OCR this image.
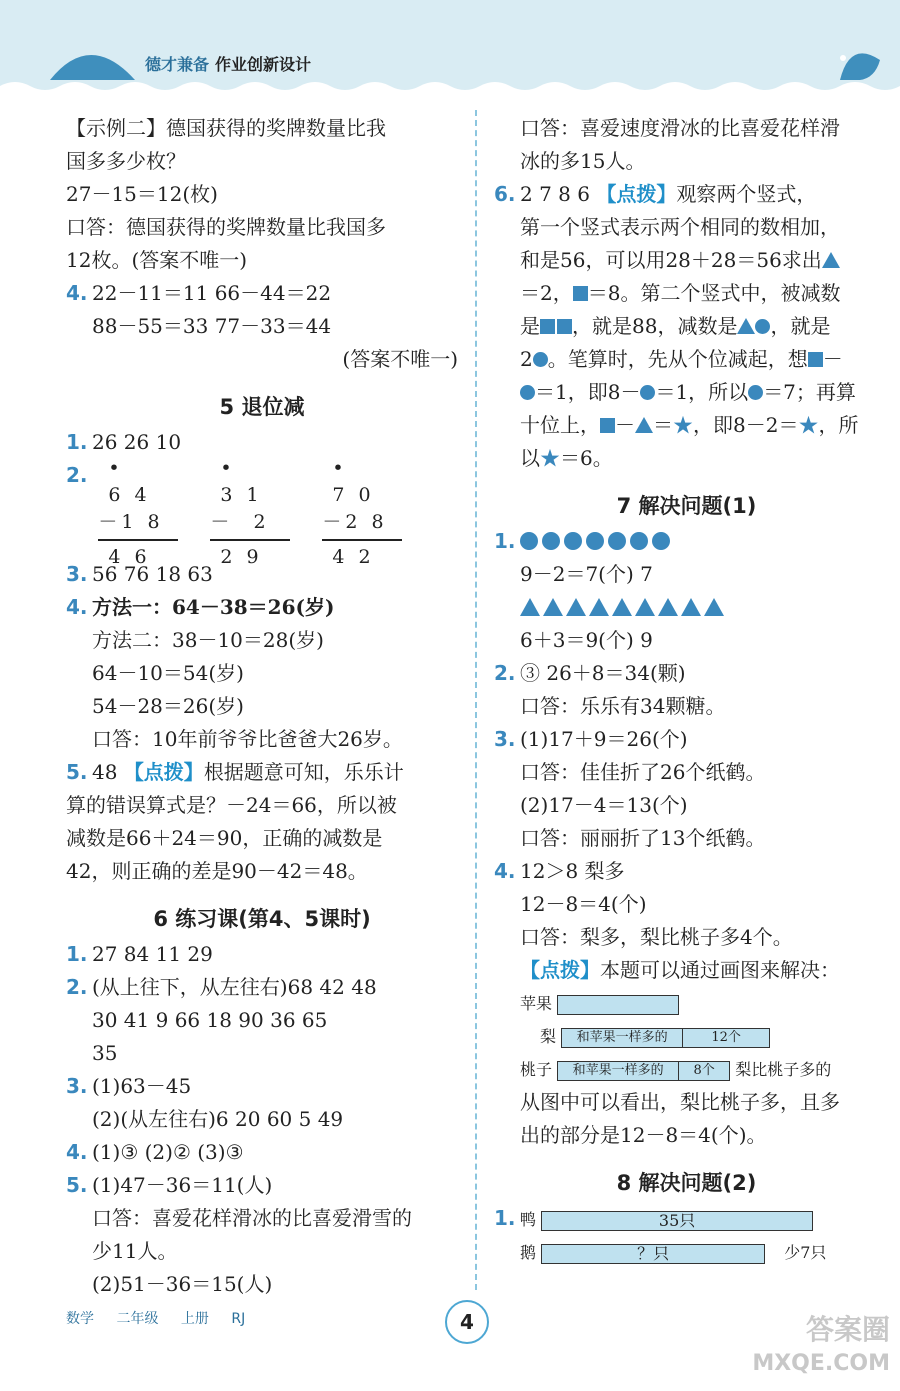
德才兼备 作业创新设计
【示例二】德国获得的奖牌数量比我
国多多少枚？
27－15＝12(枚)
口答：德国获得的奖牌数量比我国多
12枚。(答案不唯一)
4. 22－11＝11 66－44＝22
88－55＝33 77－33＝44
(答案不唯一)
5 退位减
1. 26 26 10
2. •
6 4
－1 8
4 6
•
3 1
－  2
2 9
•
7 0
－2 8
4 2
3. 56 76 18 63
4. 方法一：64－38＝26(岁)
方法二：38－10＝28(岁)
64－10＝54(岁)
54－28＝26(岁)
口答：10年前爷爷比爸爸大26岁。
5. 48 【点拨】根据题意可知，乐乐计
算的错误算式是？－24＝66，所以被
减数是66＋24＝90，正确的减数是
42，则正确的差是90－42＝48。
6 练习课(第4、5课时)
1. 27 84 11 29
2. (从上往下，从左往右)68 42 48
30 41 9 66 18 90 36 65
35
3. (1)63－45
(2)(从左往右)6 20 60 5 49
4. (1)③ (2)② (3)③
5. (1)47－36＝11(人)
口答：喜爱花样滑冰的比喜爱滑雪的
少11人。
(2)51－36＝15(人)
口答：喜爱速度滑冰的比喜爱花样滑
冰的多15人。
6. 2 7 8 6 【点拨】观察两个竖式，
第一个竖式表示两个相同的数相加，
和是56，可以用28＋28＝56求出
＝2， ＝8。第二个竖式中，被减数
是 ，就是88，减数是 ，就是
2 。笔算时，先从个位减起，想 －
＝1，即8－ ＝1，所以 ＝7；再算
十位上， － ＝★，即8－2＝★，所
以★＝6。
7 解决问题(1)
1.
9－2＝7(个) 7
6＋3＝9(个) 9
2. ③ 26＋8＝34(颗)
口答：乐乐有34颗糖。
3. (1)17＋9＝26(个)
口答：佳佳折了26个纸鹤。
(2)17－4＝13(个)
口答：丽丽折了13个纸鹤。
4. 12＞8 梨多
12－8＝4(个)
口答：梨多，梨比桃子多4个。
【点拨】本题可以通过画图来解决：
苹果
梨 和苹果一样多的	12个
桃子 和苹果一样多的 8个 梨比桃子多的
从图中可以看出，梨比桃子多，且多
出的部分是12－8＝4(个)。
8 解决问题(2)
1. 鸭	35只
鹅	？只	少7只
数学 二年级 上册 RJ	4	答案圈
MXQE.COM
